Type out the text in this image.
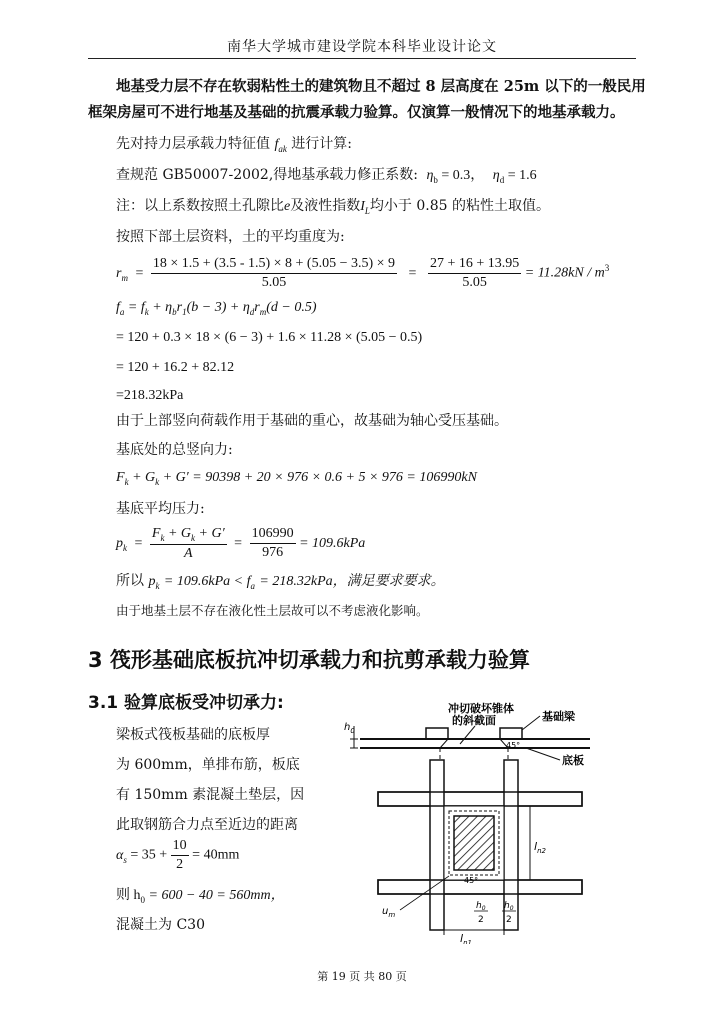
南华大学城市建设学院本科毕业设计论文
地基受力层不存在软弱粘性土的建筑物且不超过 8 层高度在 25m 以下的一般民用
框架房屋可不进行地基及基础的抗震承载力验算。仅演算一般情况下的地基承载力。
先对持力层承载力特征值 $f_{ak}$ 进行计算:
查规范 GB50007-2002,得地基承载力修正系数: $\eta_b = 0.3$， $\eta_d = 1.6$
注：以上系数按照土孔隙比e及液性指数$I_L$均小于 0.85 的粘性土取值。
按照下部土层资料，土的平均重度为:
$r_m = \frac{18 \times 1.5 + (3.5 - 1.5) \times 8 + (5.05 - 3.5) \times 9}{5.05} = \frac{27 + 16 + 13.95}{5.05} = 11.28kN / m^3$
$f_a = f_k + \eta_br_1(b - 3) + \eta_dr_m(d - 0.5)$
= 120 + 0.3 × 18 × (6 − 3) + 1.6 × 11.28 × (5.05 − 0.5)
= 120 + 16.2 + 82.12
=218.32kPa
由于上部竖向荷载作用于基础的重心，故基础为轴心受压基础。
基底处的总竖向力:
$F_k + G_k + G' = 90398 + 20 \times 976 \times 0.6 + 5 \times 976 = 106990kN$
基底平均压力:
$p_k = \frac{F_k + G_k + G'}{A} = \frac{106990}{976} = 109.6kPa$
所以 $p_k = 109.6kPa < f_a = 218.32kPa$，满足要求要求。
由于地基土层不存在液化性土层故可以不考虑液化影响。
3 筏形基础底板抗冲切承载力和抗剪承载力验算
3.1 验算底板受冲切承力:
梁板式筏板基础的底板厚
为 600mm，单排布筋，板底
有 150mm 素混凝土垫层，因
此取钢筋合力点至近边的距离
$\alpha_s = 35 + \frac{10}{2} = 40mm$
则 $h_0 = 600 - 40 = 560mm$，
混凝土为 C30
$h_0$
冲切破坏锥体
的斜截面	基础梁
底板
45°
45°
$l_{n2}$
$h_0$
2
$h_0$
2
$l_{n1}$
$u_m$
第 19 页 共 80 页
